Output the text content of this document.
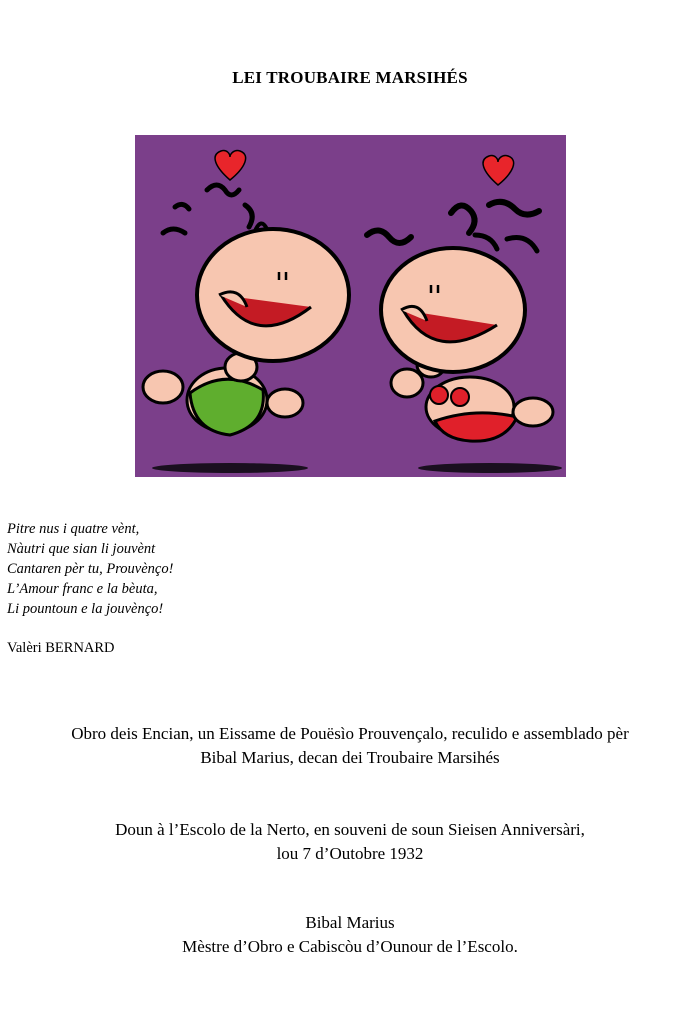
LEI TROUBAIRE MARSIHÉS
Pitre nus i quatre vènt,
Nàutri que sian li jouvènt
Cantaren pèr tu, Prouvènço!
L’Amour franc e la bèuta,
Li pountoun e la jouvènço!
Valèri BERNARD
Obro deis Encian, un Eissame de Pouësìo Prouvençalo, reculido e assemblado pèr
Bibal Marius, decan dei Troubaire Marsihés
Doun à l’Escolo de la Nerto, en souveni de soun Sieisen Anniversàri,
lou 7 d’Outobre 1932
Bibal Marius
Mèstre d’Obro e Cabiscòu d’Ounour de l’Escolo.
